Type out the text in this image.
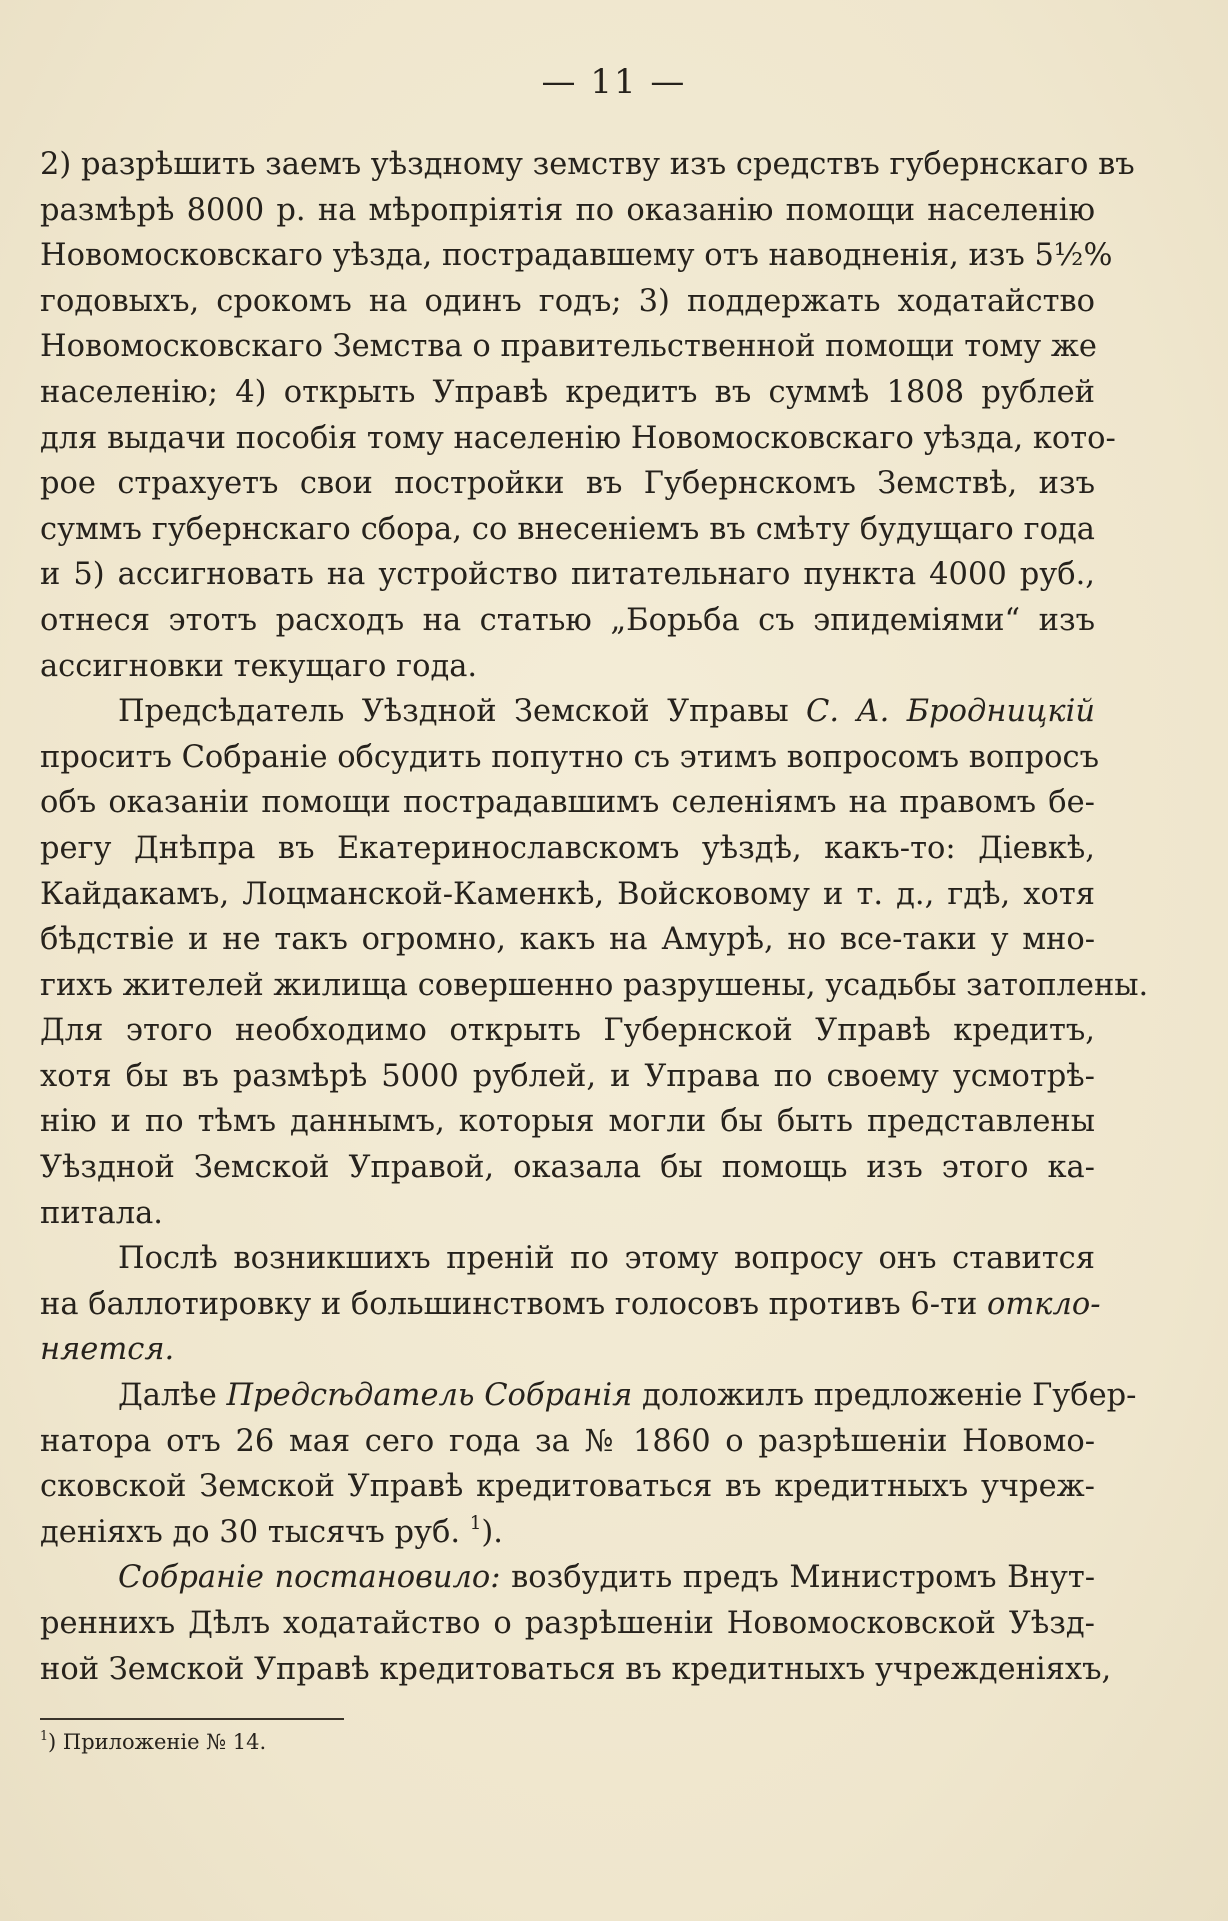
— 11 —
2) разрѣшить заемъ уѣздному земству изъ средствъ губернскаго въ
размѣрѣ 8000 р. на мѣропріятія по оказанію помощи населенію
Новомосковскаго уѣзда, пострадавшему отъ наводненія, изъ 5½%
годовыхъ, срокомъ на одинъ годъ; 3) поддержать ходатайство
Новомосковскаго Земства о правительственной помощи тому же
населенію; 4) открыть Управѣ кредитъ въ суммѣ 1808 рублей
для выдачи пособія тому населенію Новомосковскаго уѣзда, кото-
рое страхуетъ свои постройки въ Губернскомъ Земствѣ, изъ
суммъ губернскаго сбора, со внесеніемъ въ смѣту будущаго года
и 5) ассигновать на устройство питательнаго пункта 4000 руб.,
отнеся этотъ расходъ на статью „Борьба съ эпидеміями“ изъ
ассигновки текущаго года.
Предсѣдатель Уѣздной Земской Управы С. А. Бродницкій
проситъ Собраніе обсудить попутно съ этимъ вопросомъ вопросъ
объ оказаніи помощи пострадавшимъ селеніямъ на правомъ бе-
регу Днѣпра въ Екатеринославскомъ уѣздѣ, какъ-то: Діевкѣ,
Кайдакамъ, Лоцманской-Каменкѣ, Войсковому и т. д., гдѣ, хотя
бѣдствіе и не такъ огромно, какъ на Амурѣ, но все-таки у мно-
гихъ жителей жилища совершенно разрушены, усадьбы затоплены.
Для этого необходимо открыть Губернской Управѣ кредитъ,
хотя бы въ размѣрѣ 5000 рублей, и Управа по своему усмотрѣ-
нію и по тѣмъ даннымъ, которыя могли бы быть представлены
Уѣздной Земской Управой, оказала бы помощь изъ этого ка-
питала.
Послѣ возникшихъ преній по этому вопросу онъ ставится
на баллотировку и большинствомъ голосовъ противъ 6-ти откло-
няется.
Далѣе Предсѣдатель Собранія доложилъ предложеніе Губер-
натора отъ 26 мая сего года за № 1860 о разрѣшеніи Новомо-
сковской Земской Управѣ кредитоваться въ кредитныхъ учреж-
деніяхъ до 30 тысячъ руб. $^1$).
Собраніе постановило: возбудить предъ Министромъ Внут-
реннихъ Дѣлъ ходатайство о разрѣшеніи Новомосковской Уѣзд-
ной Земской Управѣ кредитоваться въ кредитныхъ учрежденіяхъ,
$^1$) Приложеніе № 14.
